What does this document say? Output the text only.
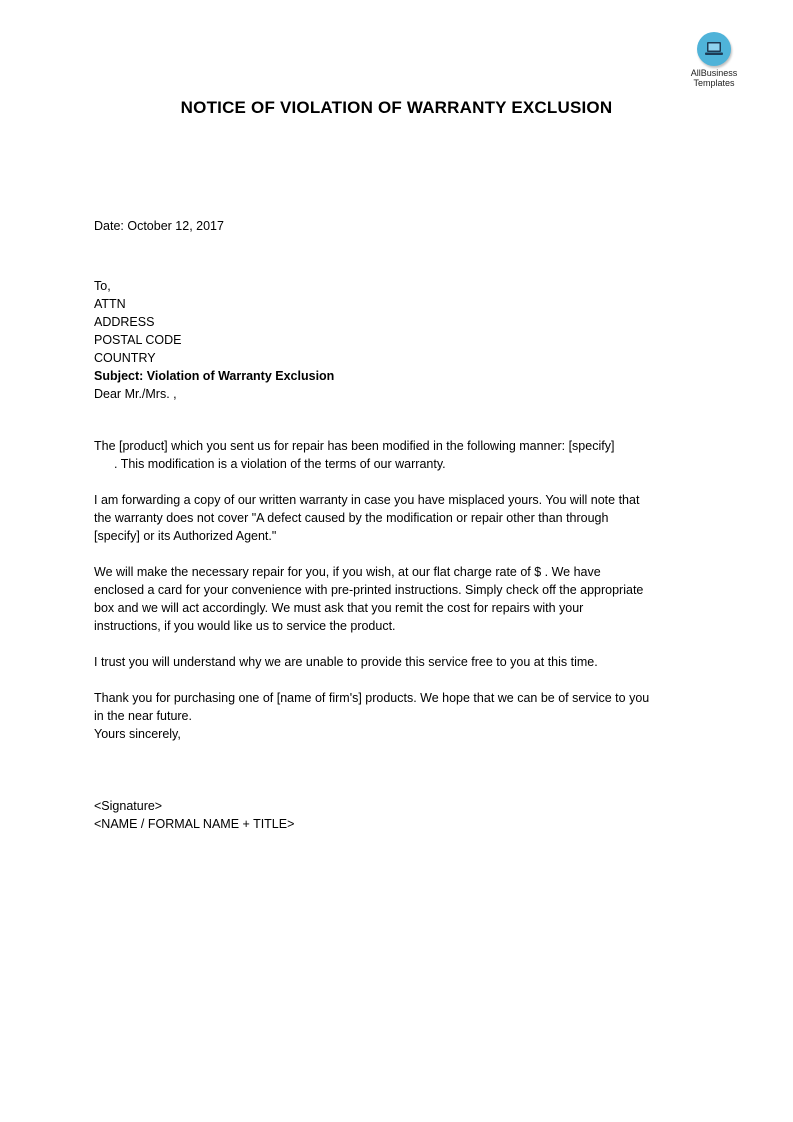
AllBusiness
Templates
NOTICE OF VIOLATION OF WARRANTY EXCLUSION

Date: October 12, 2017

To,
ATTN
ADDRESS
POSTAL CODE
COUNTRY

Subject: Violation of Warranty Exclusion

Dear Mr./Mrs. ,

The [product] which you sent us for repair has been modified in the following manner: [specify]
. This modification is a violation of the terms of our warranty.
I am forwarding a copy of our written warranty in case you have misplaced yours. You will note that
the warranty does not cover "A defect caused by the modification or repair other than through
[specify] or its Authorized Agent."
We will make the necessary repair for you, if you wish, at our flat charge rate of $ . We have
enclosed a card for your convenience with pre-printed instructions. Simply check off the appropriate
box and we will act accordingly. We must ask that you remit the cost for repairs with your
instructions, if you would like us to service the product.
I trust you will understand why we are unable to provide this service free to you at this time.
Thank you for purchasing one of [name of firm's] products. We hope that we can be of service to you
in the near future.

Yours sincerely,

<Signature>
<NAME / FORMAL NAME + TITLE>
